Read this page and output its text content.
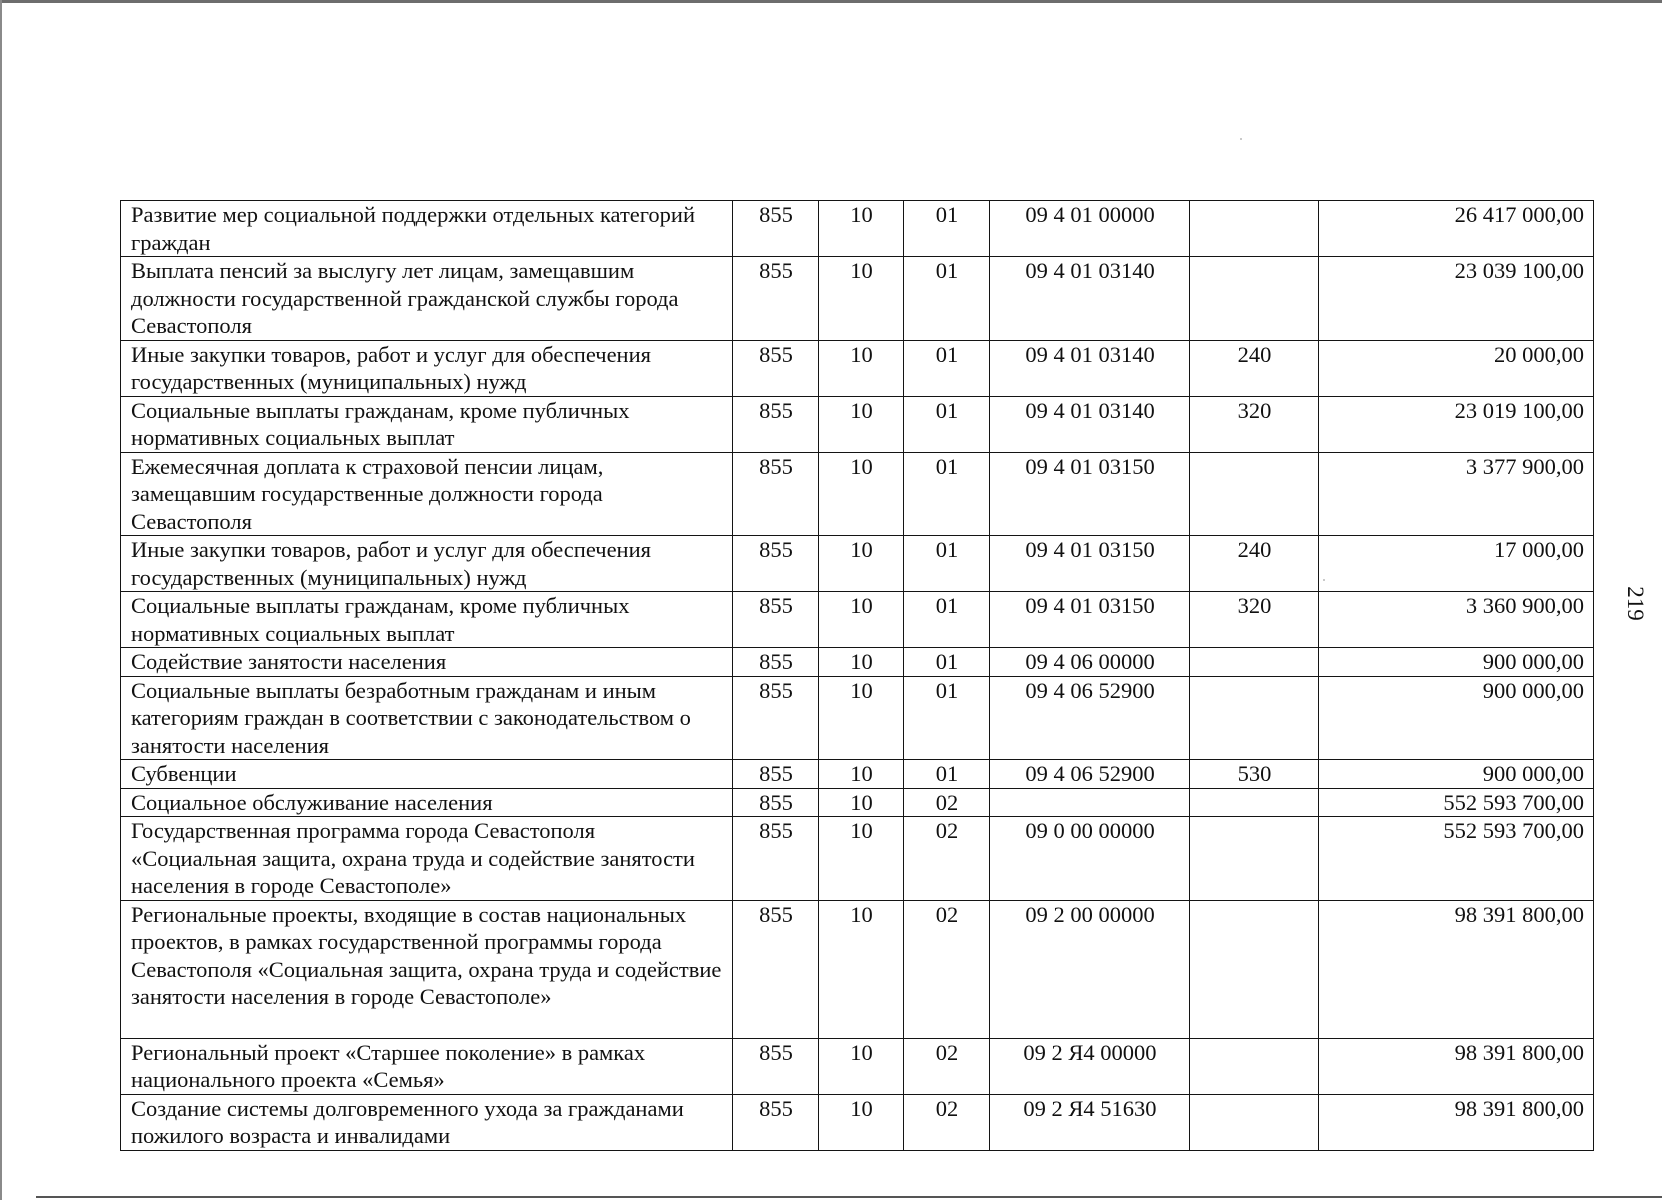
Развитие мер социальной поддержки отдельных категорий граждан	855	10	01	09 4 01 00000		26 417 000,00
Выплата пенсий за выслугу лет лицам, замещавшим должности государственной гражданской службы города Севастополя	855	10	01	09 4 01 03140		23 039 100,00
Иные закупки товаров, работ и услуг для обеспечения государственных (муниципальных) нужд	855	10	01	09 4 01 03140	240	20 000,00
Социальные выплаты гражданам, кроме публичных нормативных социальных выплат	855	10	01	09 4 01 03140	320	23 019 100,00
Ежемесячная доплата к страховой пенсии лицам, замещавшим государственные должности города Севастополя	855	10	01	09 4 01 03150		3 377 900,00
Иные закупки товаров, работ и услуг для обеспечения государственных (муниципальных) нужд	855	10	01	09 4 01 03150	240	17 000,00
Социальные выплаты гражданам, кроме публичных нормативных социальных выплат	855	10	01	09 4 01 03150	320	3 360 900,00
Содействие занятости населения	855	10	01	09 4 06 00000		900 000,00
Социальные выплаты безработным гражданам и иным категориям граждан в соответствии с законодательством о занятости населения	855	10	01	09 4 06 52900		900 000,00
Субвенции	855	10	01	09 4 06 52900	530	900 000,00
Социальное обслуживание населения	855	10	02			552 593 700,00
Государственная программа города Севастополя «Социальная защита, охрана труда и содействие занятости населения в городе Севастополе»	855	10	02	09 0 00 00000		552 593 700,00
Региональные проекты, входящие в состав национальных проектов, в рамках государственной программы города Севастополя «Социальная защита, охрана труда и содействие занятости населения в городе Севастополе»	855	10	02	09 2 00 00000		98 391 800,00
Региональный проект «Старшее поколение» в рамках национального проекта «Семья»	855	10	02	09 2 Я4 00000		98 391 800,00
Создание системы долговременного ухода за гражданами пожилого возраста и инвалидами	855	10	02	09 2 Я4 51630		98 391 800,00
219
